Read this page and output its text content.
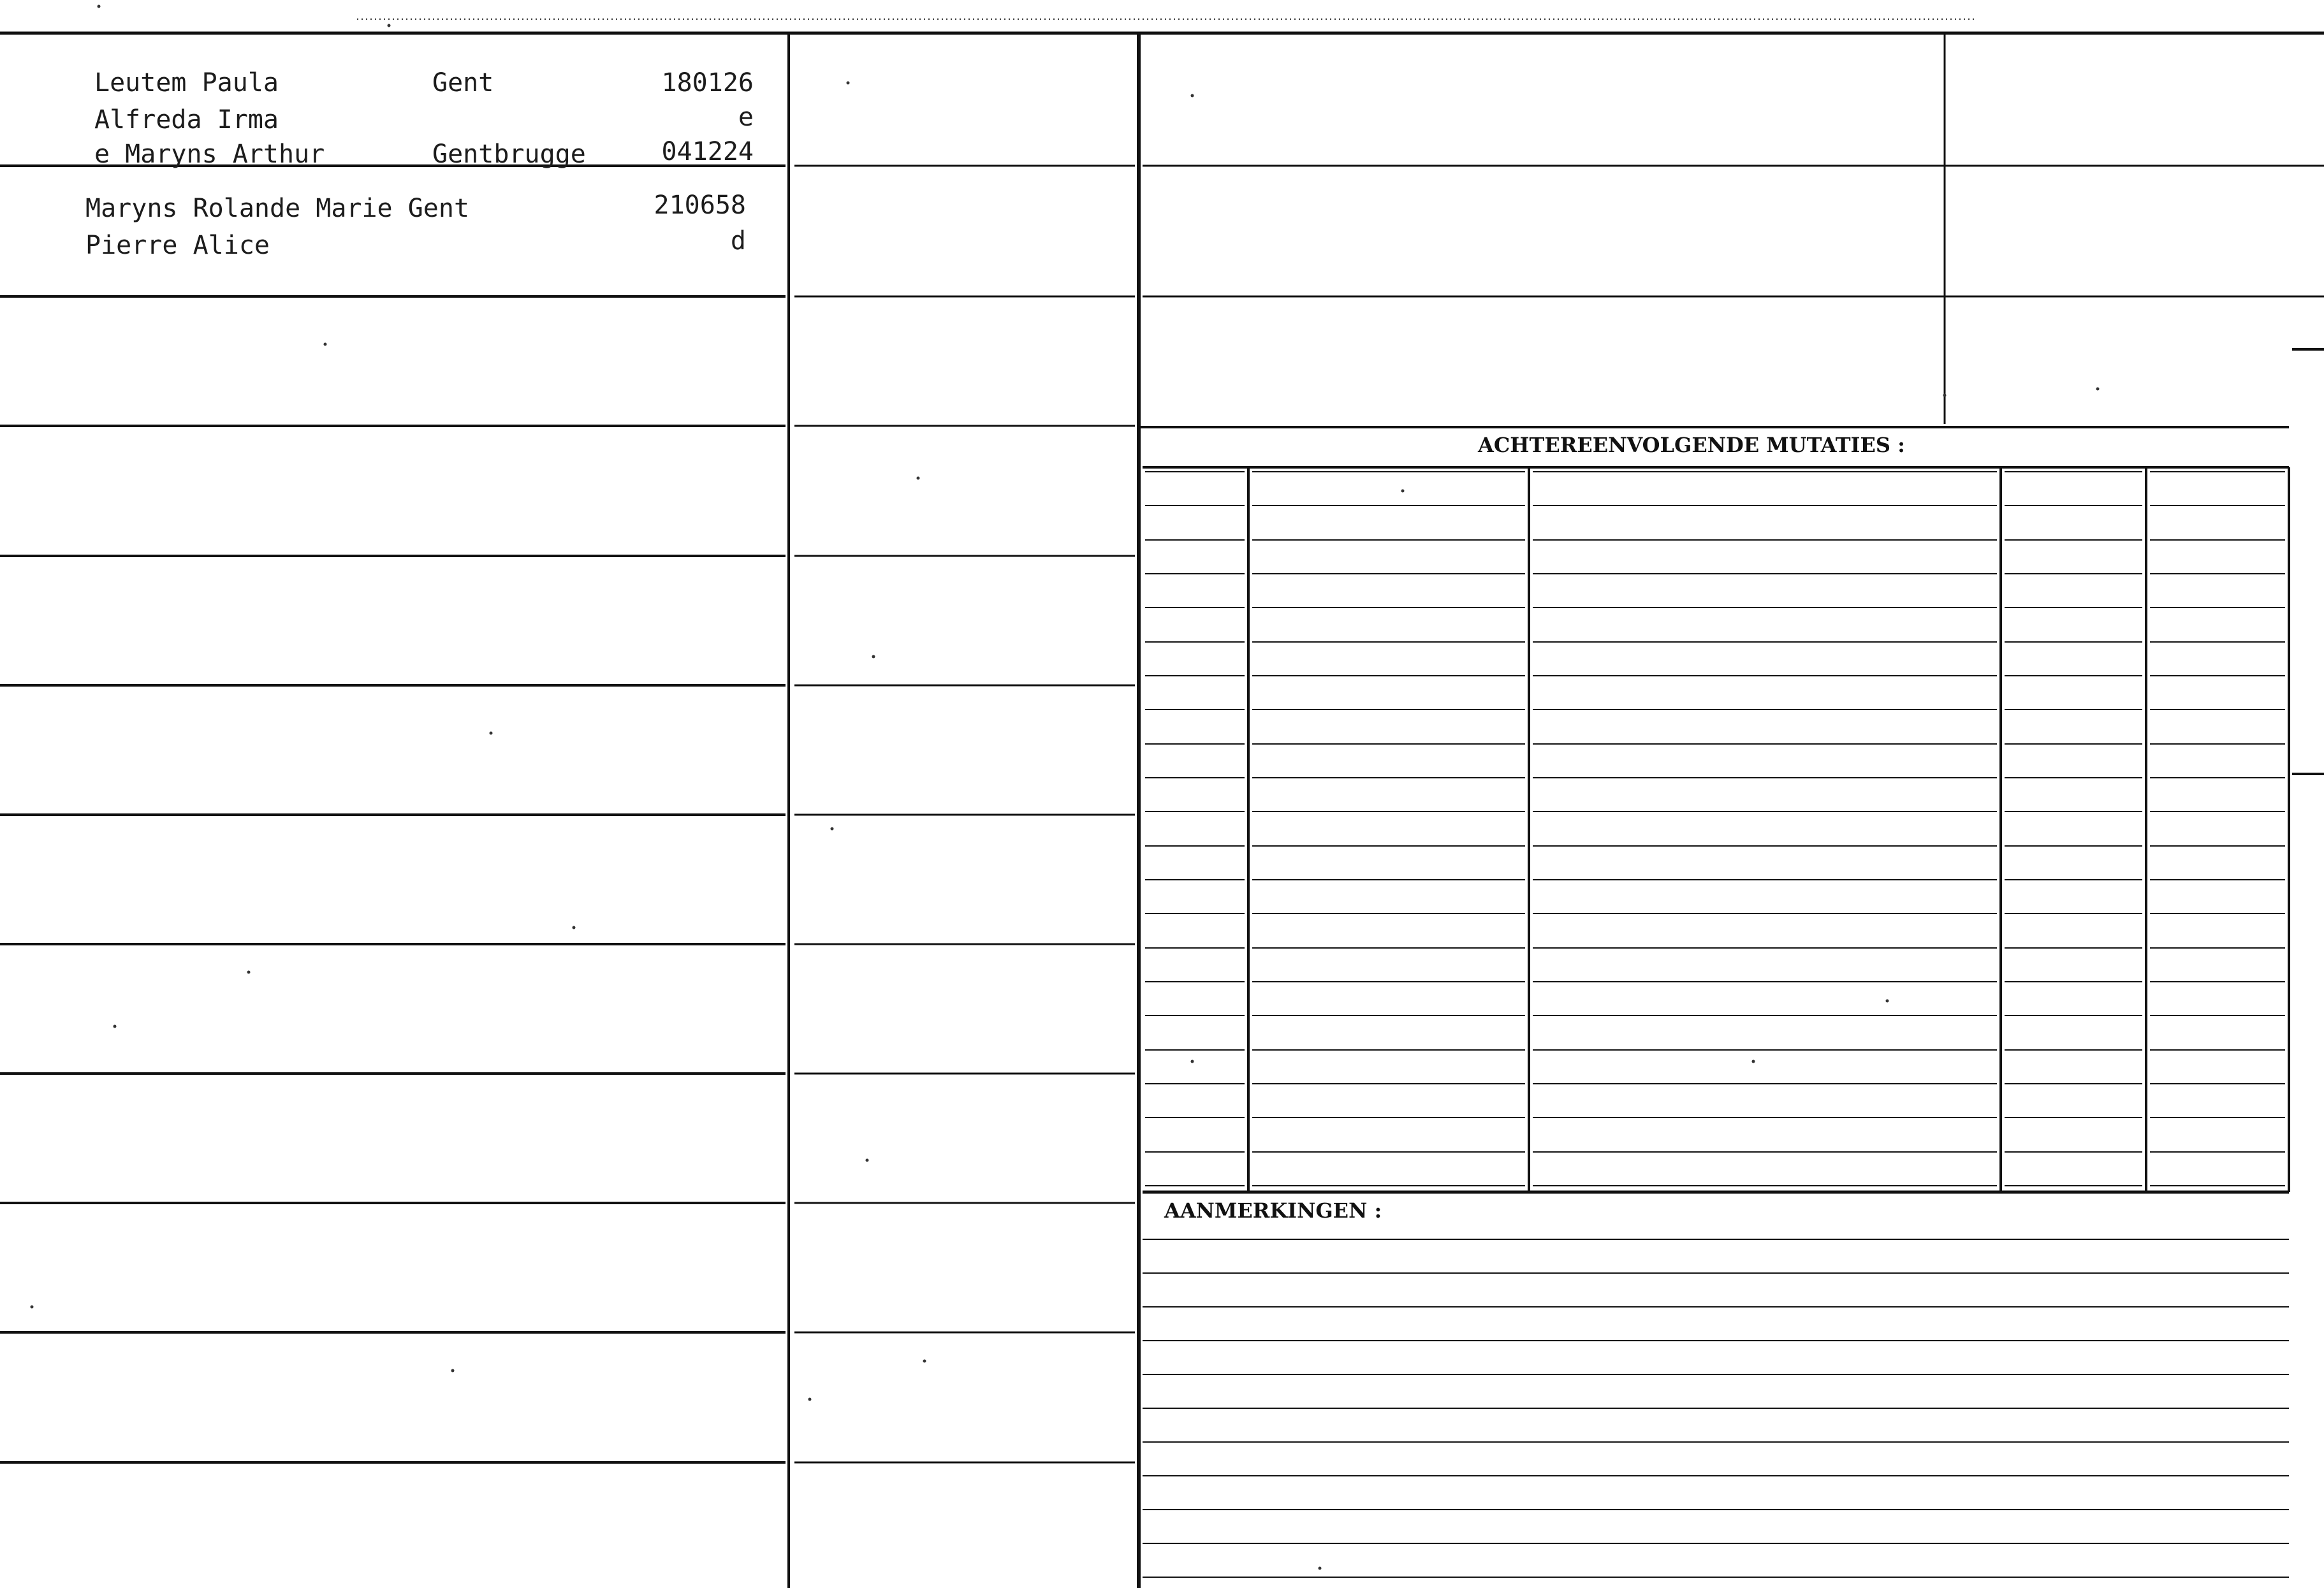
Leutem Paula

Alfreda Irma

e Maryns Arthur

Gent

Gentbrugge

180126

e

041224

Maryns Rolande Marie Gent

Pierre Alice

210658

d

ACHTEREENVOLGENDE MUTATIES :

AANMERKINGEN :
